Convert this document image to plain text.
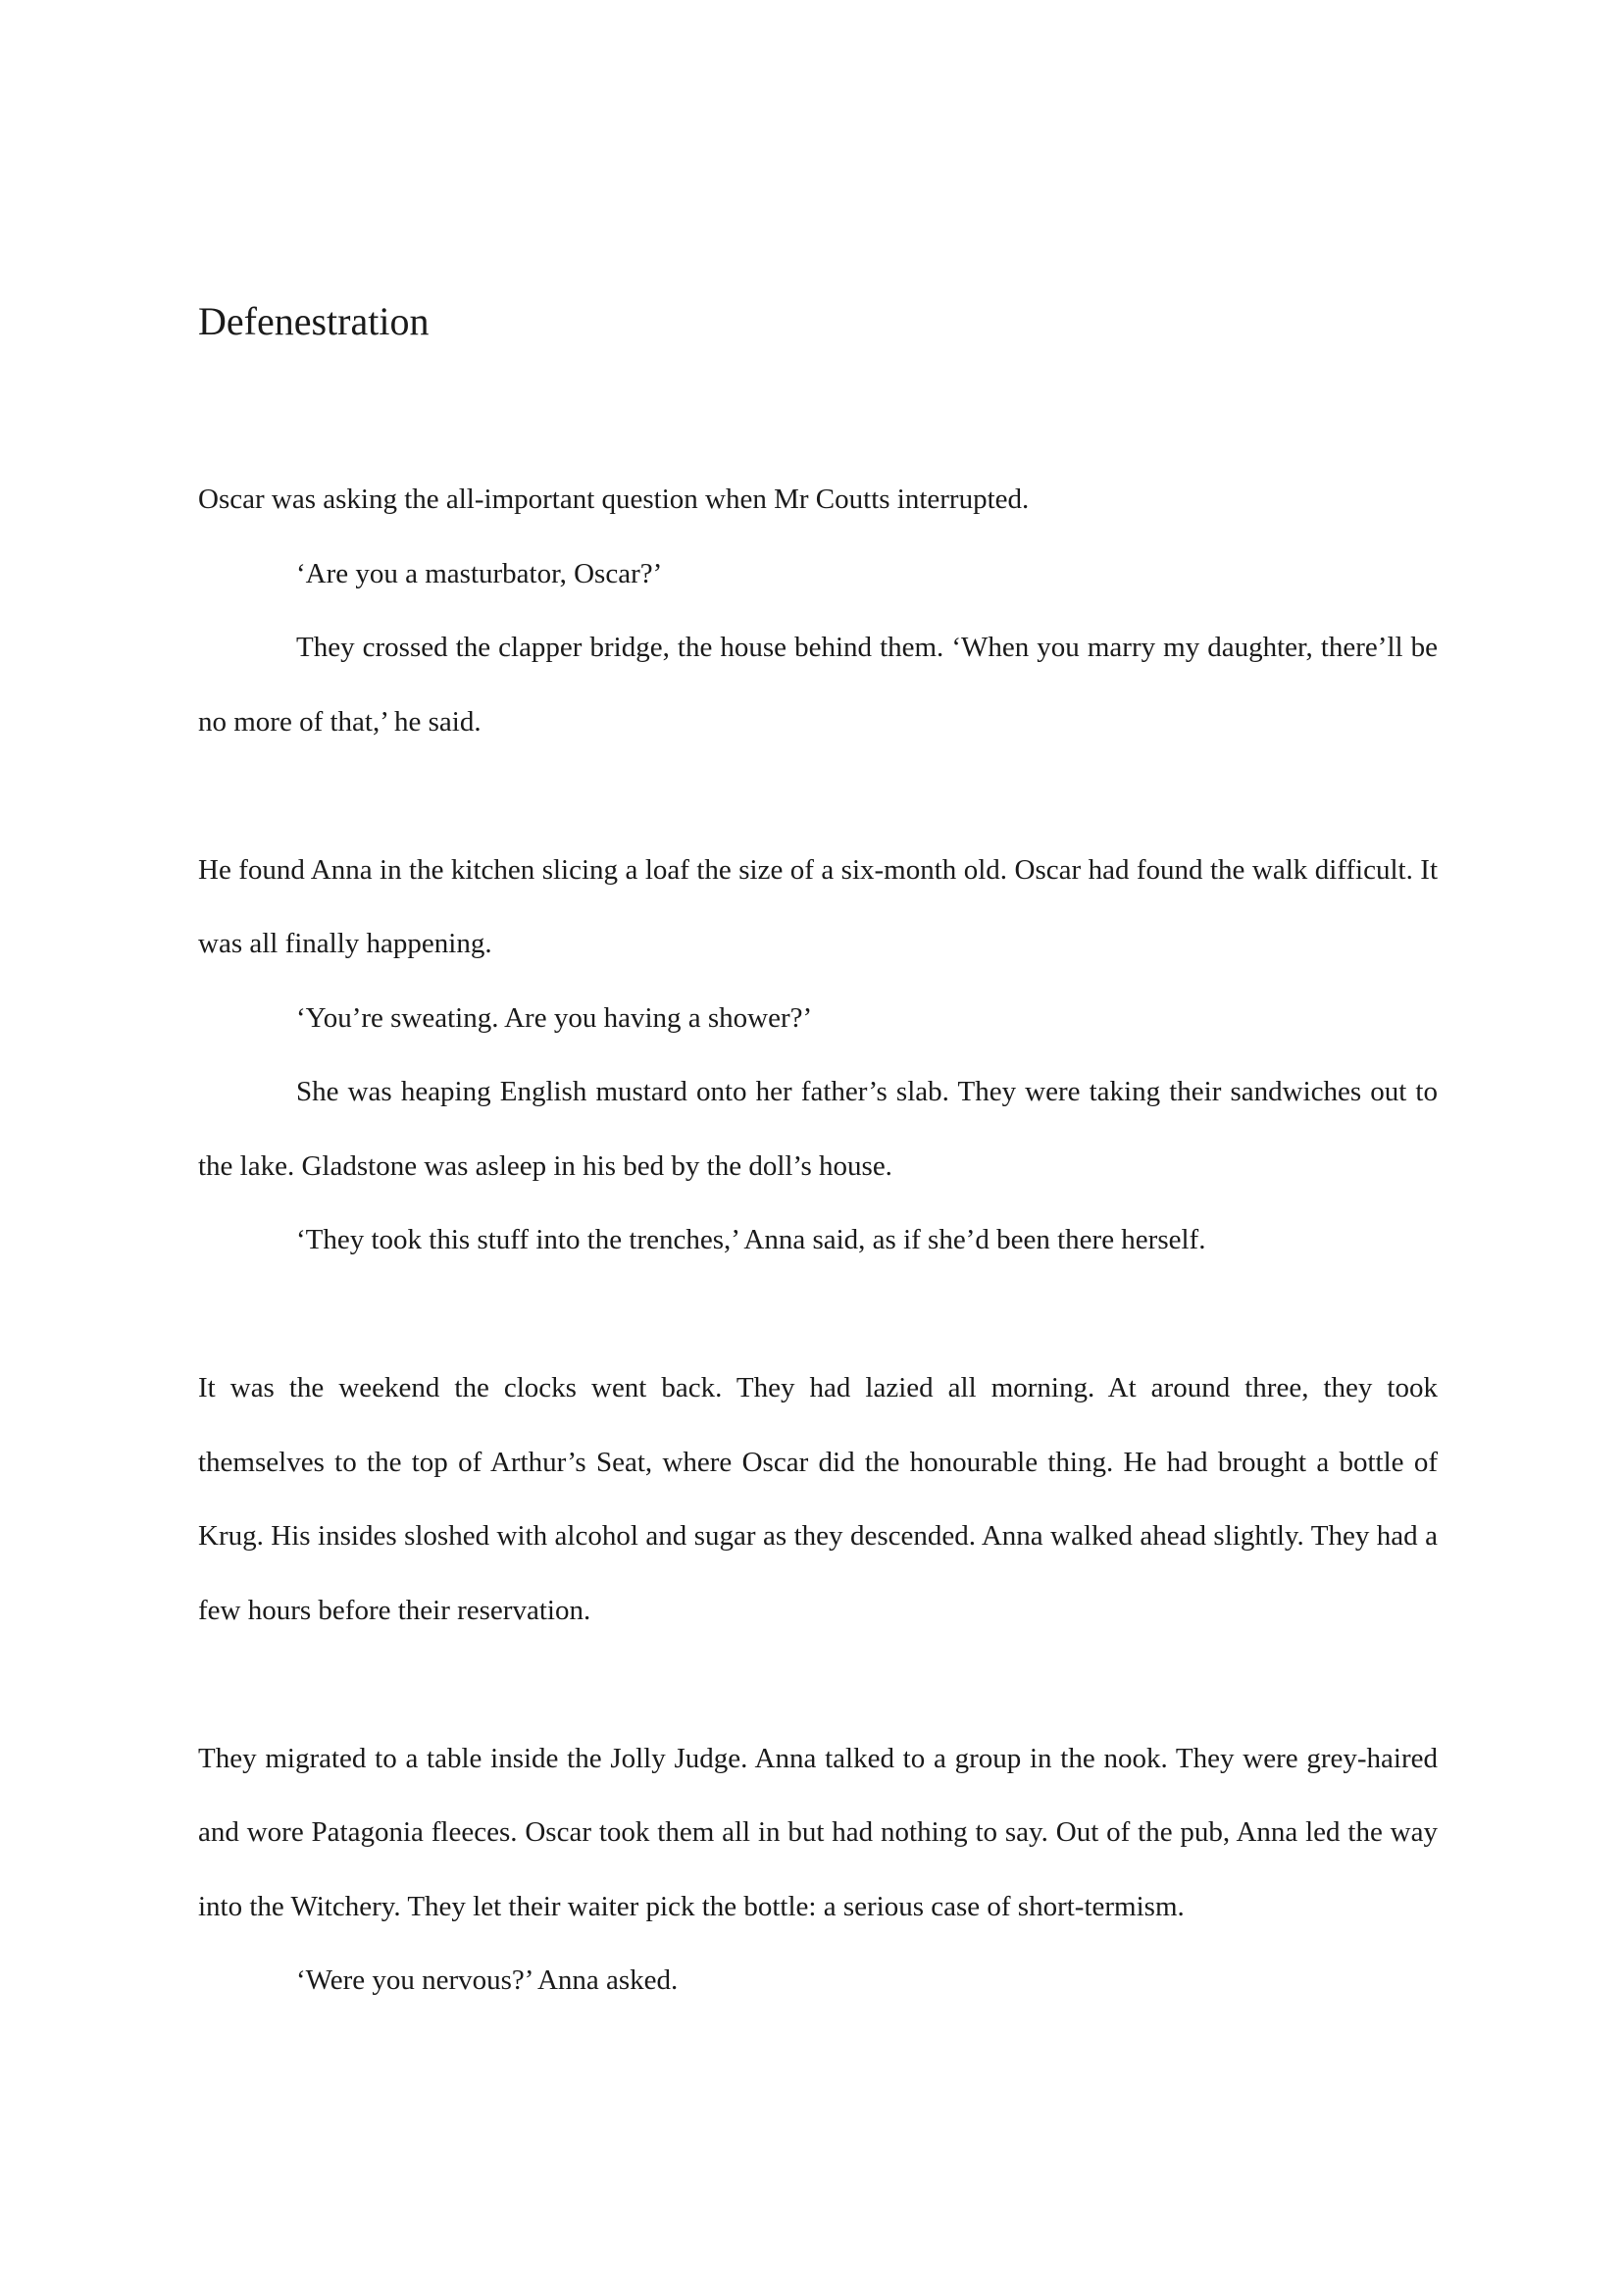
Defenestration

Oscar was asking the all-important question when Mr Coutts interrupted.

‘Are you a masturbator, Oscar?’

They crossed the clapper bridge, the house behind them. ‘When you marry my daughter, there’ll be no more of that,’ he said.

He found Anna in the kitchen slicing a loaf the size of a six-month old. Oscar had found the walk difficult. It was all finally happening.

‘You’re sweating. Are you having a shower?’

She was heaping English mustard onto her father’s slab. They were taking their sandwiches out to the lake. Gladstone was asleep in his bed by the doll’s house.

‘They took this stuff into the trenches,’ Anna said, as if she’d been there herself.

It was the weekend the clocks went back. They had lazied all morning. At around three, they took themselves to the top of Arthur’s Seat, where Oscar did the honourable thing. He had brought a bottle of Krug. His insides sloshed with alcohol and sugar as they descended. Anna walked ahead slightly. They had a few hours before their reservation.

They migrated to a table inside the Jolly Judge. Anna talked to a group in the nook. They were grey-haired and wore Patagonia fleeces. Oscar took them all in but had nothing to say. Out of the pub, Anna led the way into the Witchery. They let their waiter pick the bottle: a serious case of short-termism.

‘Were you nervous?’ Anna asked.
